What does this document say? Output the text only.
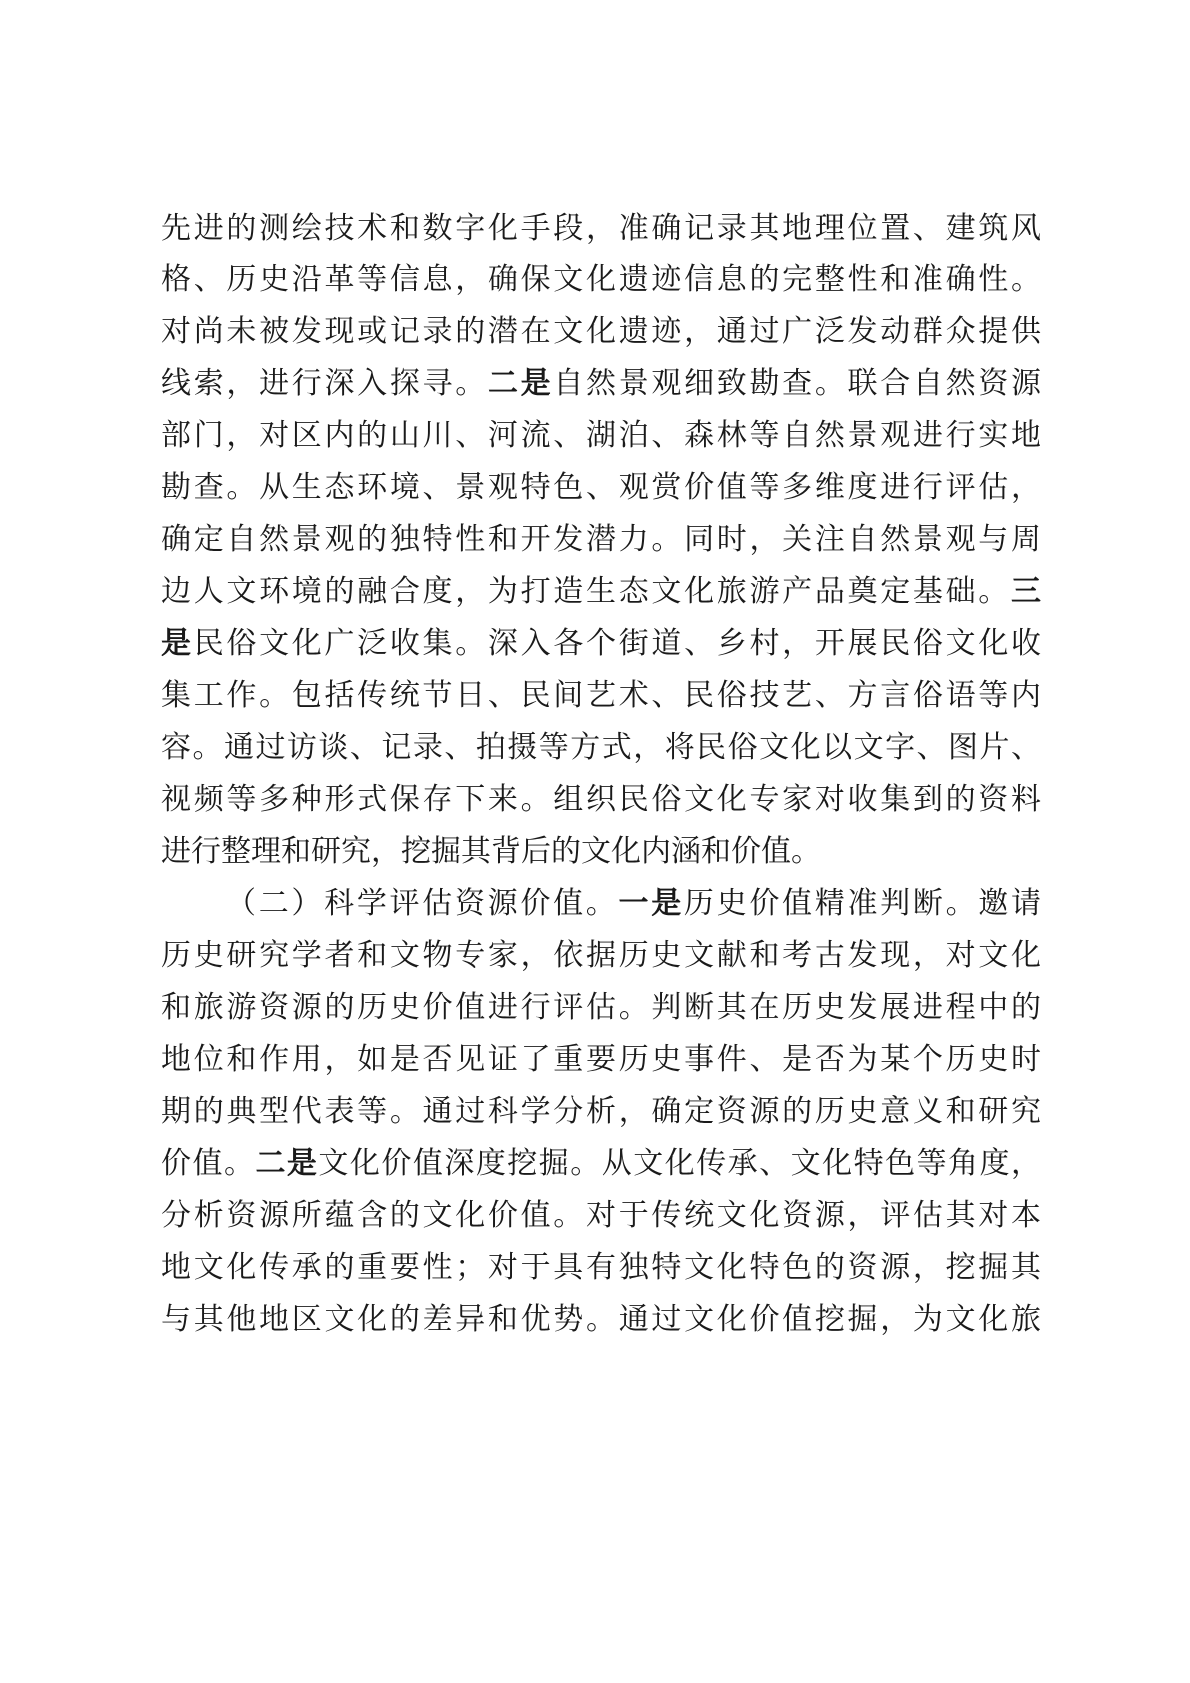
先进的测绘技术和数字化手段，准确记录其地理位置、建筑风
格、历史沿革等信息，确保文化遗迹信息的完整性和准确性。
对尚未被发现或记录的潜在文化遗迹，通过广泛发动群众提供
线索，进行深入探寻。二是自然景观细致勘查。联合自然资源
部门，对区内的山川、河流、湖泊、森林等自然景观进行实地
勘查。从生态环境、景观特色、观赏价值等多维度进行评估，
确定自然景观的独特性和开发潜力。同时，关注自然景观与周
边人文环境的融合度，为打造生态文化旅游产品奠定基础。三
是民俗文化广泛收集。深入各个街道、乡村，开展民俗文化收
集工作。包括传统节日、民间艺术、民俗技艺、方言俗语等内
容。通过访谈、记录、拍摄等方式，将民俗文化以文字、图片、
视频等多种形式保存下来。组织民俗文化专家对收集到的资料
进行整理和研究，挖掘其背后的文化内涵和价值。
（二）科学评估资源价值。一是历史价值精准判断。邀请
历史研究学者和文物专家，依据历史文献和考古发现，对文化
和旅游资源的历史价值进行评估。判断其在历史发展进程中的
地位和作用，如是否见证了重要历史事件、是否为某个历史时
期的典型代表等。通过科学分析，确定资源的历史意义和研究
价值。二是文化价值深度挖掘。从文化传承、文化特色等角度，
分析资源所蕴含的文化价值。对于传统文化资源，评估其对本
地文化传承的重要性；对于具有独特文化特色的资源，挖掘其
与其他地区文化的差异和优势。通过文化价值挖掘，为文化旅
